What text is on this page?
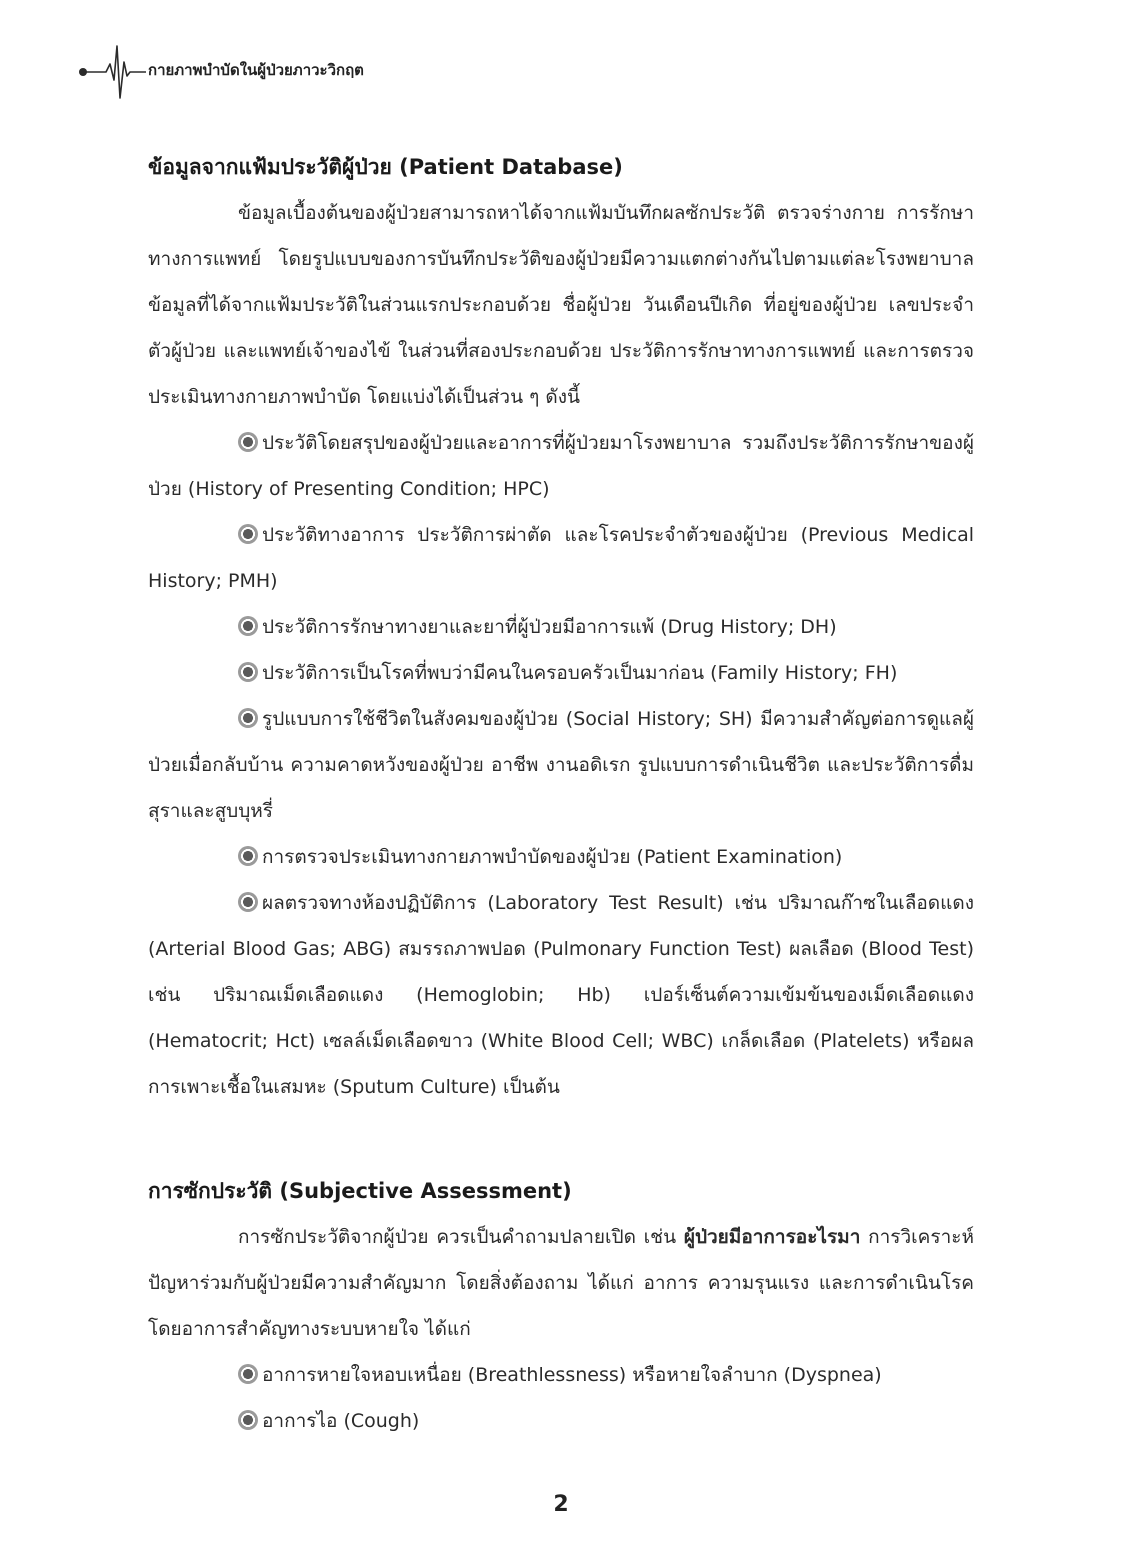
กายภาพบำบัดในผู้ป่วยภาวะวิกฤต
ข้อมูลจากแฟ้มประวัติผู้ป่วย (Patient Database)

ข้อมูลเบื้องต้นของผู้ป่วยสามารถหาได้จากแฟ้มบันทึกผลซักประวัติ ตรวจร่างกาย การรักษาทางการแพทย์ โดยรูปแบบของการบันทึกประวัติของผู้ป่วยมีความแตกต่างกันไปตามแต่ละโรงพยาบาล ข้อมูลที่ได้จากแฟ้มประวัติในส่วนแรกประกอบด้วย ชื่อผู้ป่วย วันเดือนปีเกิด ที่อยู่ของผู้ป่วย เลขประจำตัวผู้ป่วย และแพทย์เจ้าของไข้ ในส่วนที่สองประกอบด้วย ประวัติการรักษาทางการแพทย์ และการตรวจประเมินทางกายภาพบำบัด โดยแบ่งได้เป็นส่วน ๆ ดังนี้

ประวัติโดยสรุปของผู้ป่วยและอาการที่ผู้ป่วยมาโรงพยาบาล รวมถึงประวัติการรักษาของผู้ป่วย (History of Presenting Condition; HPC)

ประวัติทางอาการ ประวัติการผ่าตัด และโรคประจำตัวของผู้ป่วย (Previous Medical History; PMH)

ประวัติการรักษาทางยาและยาที่ผู้ป่วยมีอาการแพ้ (Drug History; DH)

ประวัติการเป็นโรคที่พบว่ามีคนในครอบครัวเป็นมาก่อน (Family History; FH)

รูปแบบการใช้ชีวิตในสังคมของผู้ป่วย (Social History; SH) มีความสำคัญต่อการดูแลผู้ป่วยเมื่อกลับบ้าน ความคาดหวังของผู้ป่วย อาชีพ งานอดิเรก รูปแบบการดำเนินชีวิต และประวัติการดื่มสุราและสูบบุหรี่

การตรวจประเมินทางกายภาพบำบัดของผู้ป่วย (Patient Examination)

ผลตรวจทางห้องปฏิบัติการ (Laboratory Test Result) เช่น ปริมาณก๊าซในเลือดแดง (Arterial Blood Gas; ABG) สมรรถภาพปอด (Pulmonary Function Test) ผลเลือด (Blood Test) เช่น ปริมาณเม็ดเลือดแดง (Hemoglobin; Hb) เปอร์เซ็นต์ความเข้มข้นของเม็ดเลือดแดง (Hematocrit; Hct) เซลล์เม็ดเลือดขาว (White Blood Cell; WBC) เกล็ดเลือด (Platelets) หรือผลการเพาะเชื้อในเสมหะ (Sputum Culture) เป็นต้น

การซักประวัติ (Subjective Assessment)

การซักประวัติจากผู้ป่วย ควรเป็นคำถามปลายเปิด เช่น ผู้ป่วยมีอาการอะไรมา การวิเคราะห์ปัญหาร่วมกับผู้ป่วยมีความสำคัญมาก โดยสิ่งต้องถาม ได้แก่ อาการ ความรุนแรง และการดำเนินโรค โดยอาการสำคัญทางระบบหายใจ ได้แก่

อาการหายใจหอบเหนื่อย (Breathlessness) หรือหายใจลำบาก (Dyspnea)

อาการไอ (Cough)

2
